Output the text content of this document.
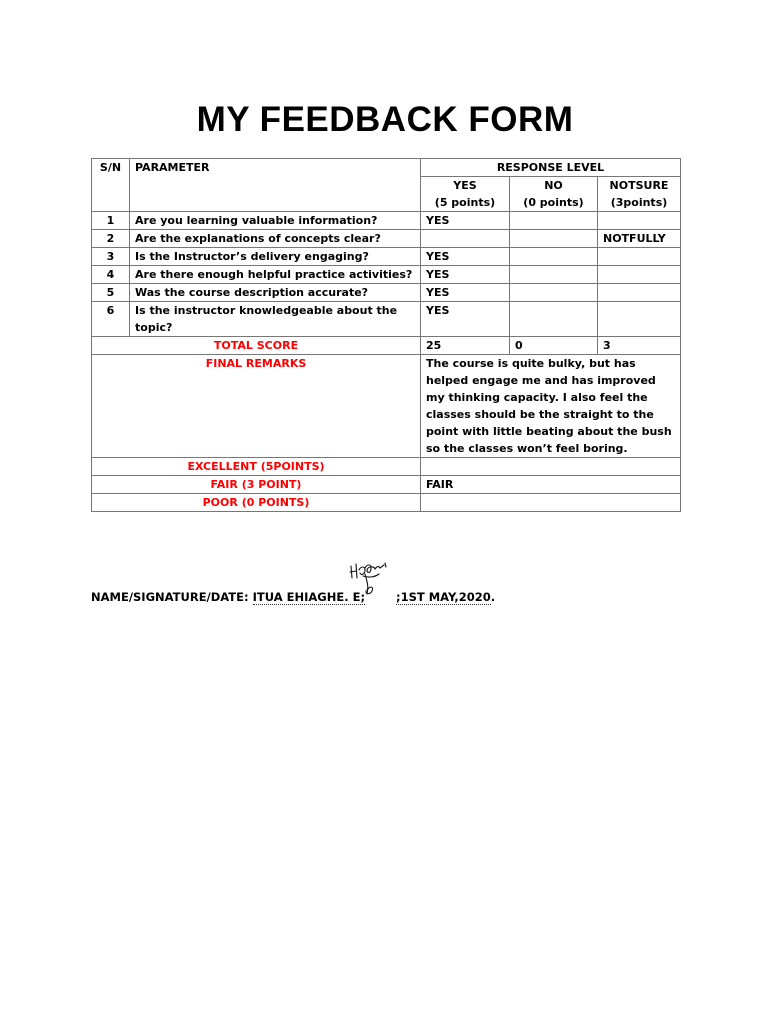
MY FEEDBACK FORM
S/N	PARAMETER	RESPONSE LEVEL		
		YES	NO	NOTSURE
		(5 points)	(0 points)	(3points)
1	Are you learning valuable information?	YES		
2	Are the explanations of concepts clear?			NOTFULLY
3	Is the Instructor’s delivery engaging?	YES		
4	Are there enough helpful practice activities?	YES		
5	Was the course description accurate?	YES		
6	Is the instructor knowledgeable about the topic?	YES		
TOTAL SCORE		25	0	3
FINAL REMARKS		The course is quite bulky, but has helped engage me and has improved my thinking capacity. I also feel the classes should be the straight to the point with little beating about the bush so the classes won’t feel boring.		
EXCELLENT (5POINTS)				
FAIR (3 POINT)		FAIR		
POOR (0 POINTS)				
NAME/SIGNATURE/DATE: ITUA EHIAGHE. E;	;1ST MAY,2020.
